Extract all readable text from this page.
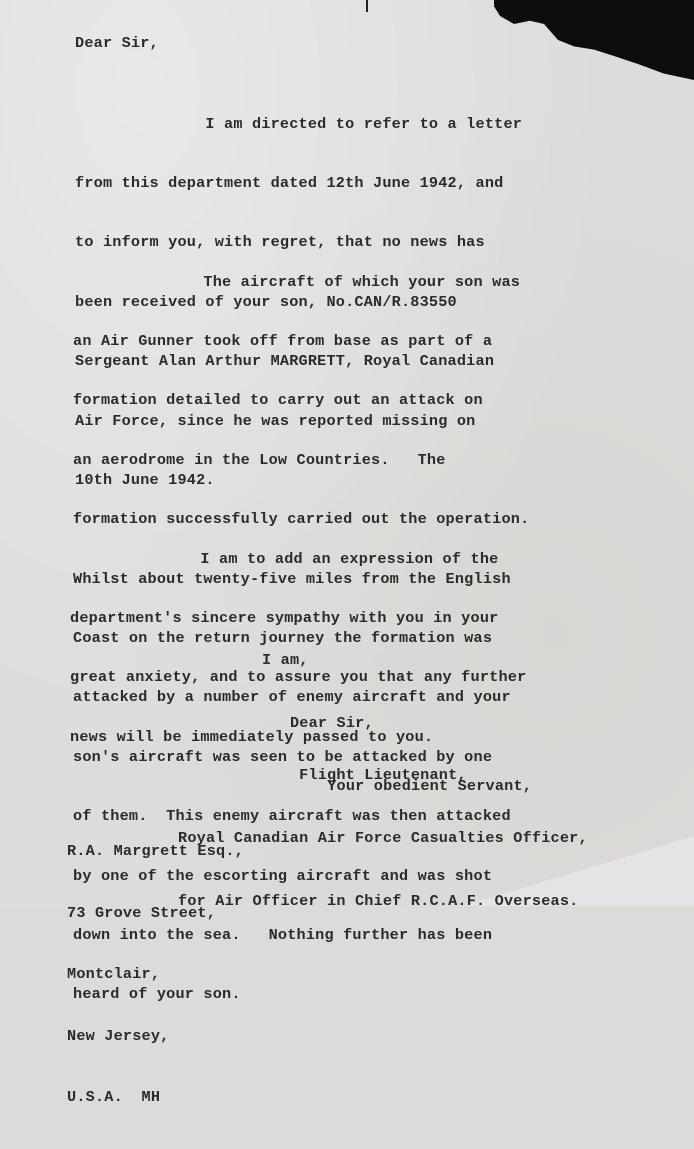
Dear Sir,

I am directed to refer to a letter

from this department dated 12th June 1942, and

to inform you, with regret, that no news has

been received of your son, No.CAN/R.83550

Sergeant Alan Arthur MARGRETT, Royal Canadian

Air Force, since he was reported missing on

10th June 1942.

The aircraft of which your son was

an Air Gunner took off from base as part of a

formation detailed to carry out an attack on

an aerodrome in the Low Countries.   The

formation successfully carried out the operation.

Whilst about twenty-five miles from the English

Coast on the return journey the formation was

attacked by a number of enemy aircraft and your

son's aircraft was seen to be attacked by one

of them.  This enemy aircraft was then attacked

by one of the escorting aircraft and was shot

down into the sea.   Nothing further has been

heard of your son.

I am to add an expression of the

department's sincere sympathy with you in your

great anxiety, and to assure you that any further

news will be immediately passed to you.

I am,

Dear Sir,

Your obedient Servant,

Flight Lieutenant,

Royal Canadian Air Force Casualties Officer,

for Air Officer in Chief R.C.A.F. Overseas.

R.A. Margrett Esq.,

73 Grove Street,

Montclair,

New Jersey,

U.S.A.  MH
